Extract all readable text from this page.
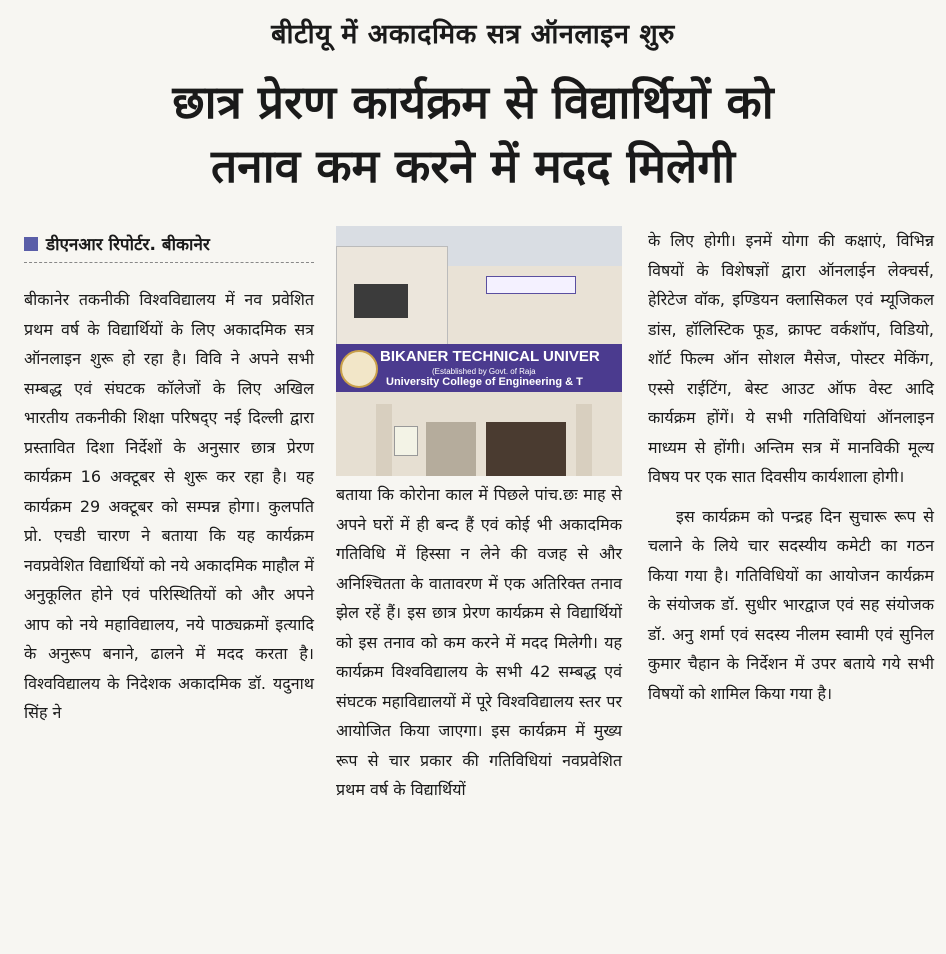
बीटीयू में अकादमिक सत्र ऑनलाइन शुरु
छात्र प्रेरण कार्यक्रम से विद्यार्थियों को
तनाव कम करने में मदद मिलेगी
डीएनआर रिपोर्टर. बीकानेर

बीकानेर तकनीकी विश्वविद्यालय में नव प्रवेशित प्रथम वर्ष के विद्यार्थियों के लिए अकादमिक सत्र ऑनलाइन शुरू हो रहा है। विवि ने अपने सभी सम्बद्ध एवं संघटक कॉलेजों के लिए अखिल भारतीय तकनीकी शिक्षा परिषद्‌ए नई दिल्ली द्वारा प्रस्तावित दिशा निर्देशों के अनुसार छात्र प्रेरण कार्यक्रम 16 अक्टूबर से शुरू कर रहा है। यह कार्यक्रम 29 अक्टूबर को सम्पन्न होगा। कुलपति प्रो. एचडी चारण ने बताया कि यह कार्यक्रम नवप्रवेशित विद्यार्थियों को नये अकादमिक माहौल में अनुकूलित होने एवं परिस्थितियों को और अपने आप को नये महाविद्यालय, नये पाठ्यक्रमों इत्यादि के अनुरूप बनाने, ढालने में मदद करता है। विश्वविद्यालय के निदेशक अकादमिक डॉ. यदुनाथ सिंह ने

BIKANER TECHNICAL UNIVER
(Established by Govt. of Raja
University College of Engineering & T

बताया कि कोरोना काल में पिछले पांच.छः माह से अपने घरों में ही बन्द हैं एवं कोई भी अकादमिक गतिविधि में हिस्सा न लेने की वजह से और अनिश्चितता के वातावरण में एक अतिरिक्त तनाव झेल रहें हैं। इस छात्र प्रेरण कार्यक्रम से विद्यार्थियों को इस तनाव को कम करने में मदद मिलेगी। यह कार्यक्रम विश्वविद्यालय के सभी 42 सम्बद्ध एवं संघटक महाविद्यालयों में पूरे विश्वविद्यालय स्तर पर आयोजित किया जाएगा। इस कार्यक्रम में मुख्य रूप से चार प्रकार की गतिविधियां नवप्रवेशित प्रथम वर्ष के विद्यार्थियों

के लिए होगी। इनमें योगा की कक्षाएं, विभिन्न विषयों के विशेषज्ञों द्वारा ऑनलाईन लेक्चर्स, हेरिटेज वॉक, इण्डियन क्लासिकल एवं म्यूजिकल डांस, हॉलिस्टिक फूड, क्राफ्ट वर्कशॉप, विडियो, शॉर्ट फिल्म ऑन सोशल मैसेज, पोस्टर मेकिंग, एस्से राईटिंग, बेस्ट आउट ऑफ वेस्ट आदि कार्यक्रम होंगें। ये सभी गतिविधियां ऑनलाइन माध्यम से होंगी। अन्तिम सत्र में मानविकी मूल्य विषय पर एक सात दिवसीय कार्यशाला होगी।

इस कार्यक्रम को पन्द्रह दिन सुचारू रूप से चलाने के लिये चार सदस्यीय कमेटी का गठन किया गया है। गतिविधियों का आयोजन कार्यक्रम के संयोजक डॉ. सुधीर भारद्वाज एवं सह संयोजक डॉ. अनु शर्मा एवं सदस्य नीलम स्वामी एवं सुनिल कुमार चैहान के निर्देशन में उपर बताये गये सभी विषयों को शामिल किया गया है।
